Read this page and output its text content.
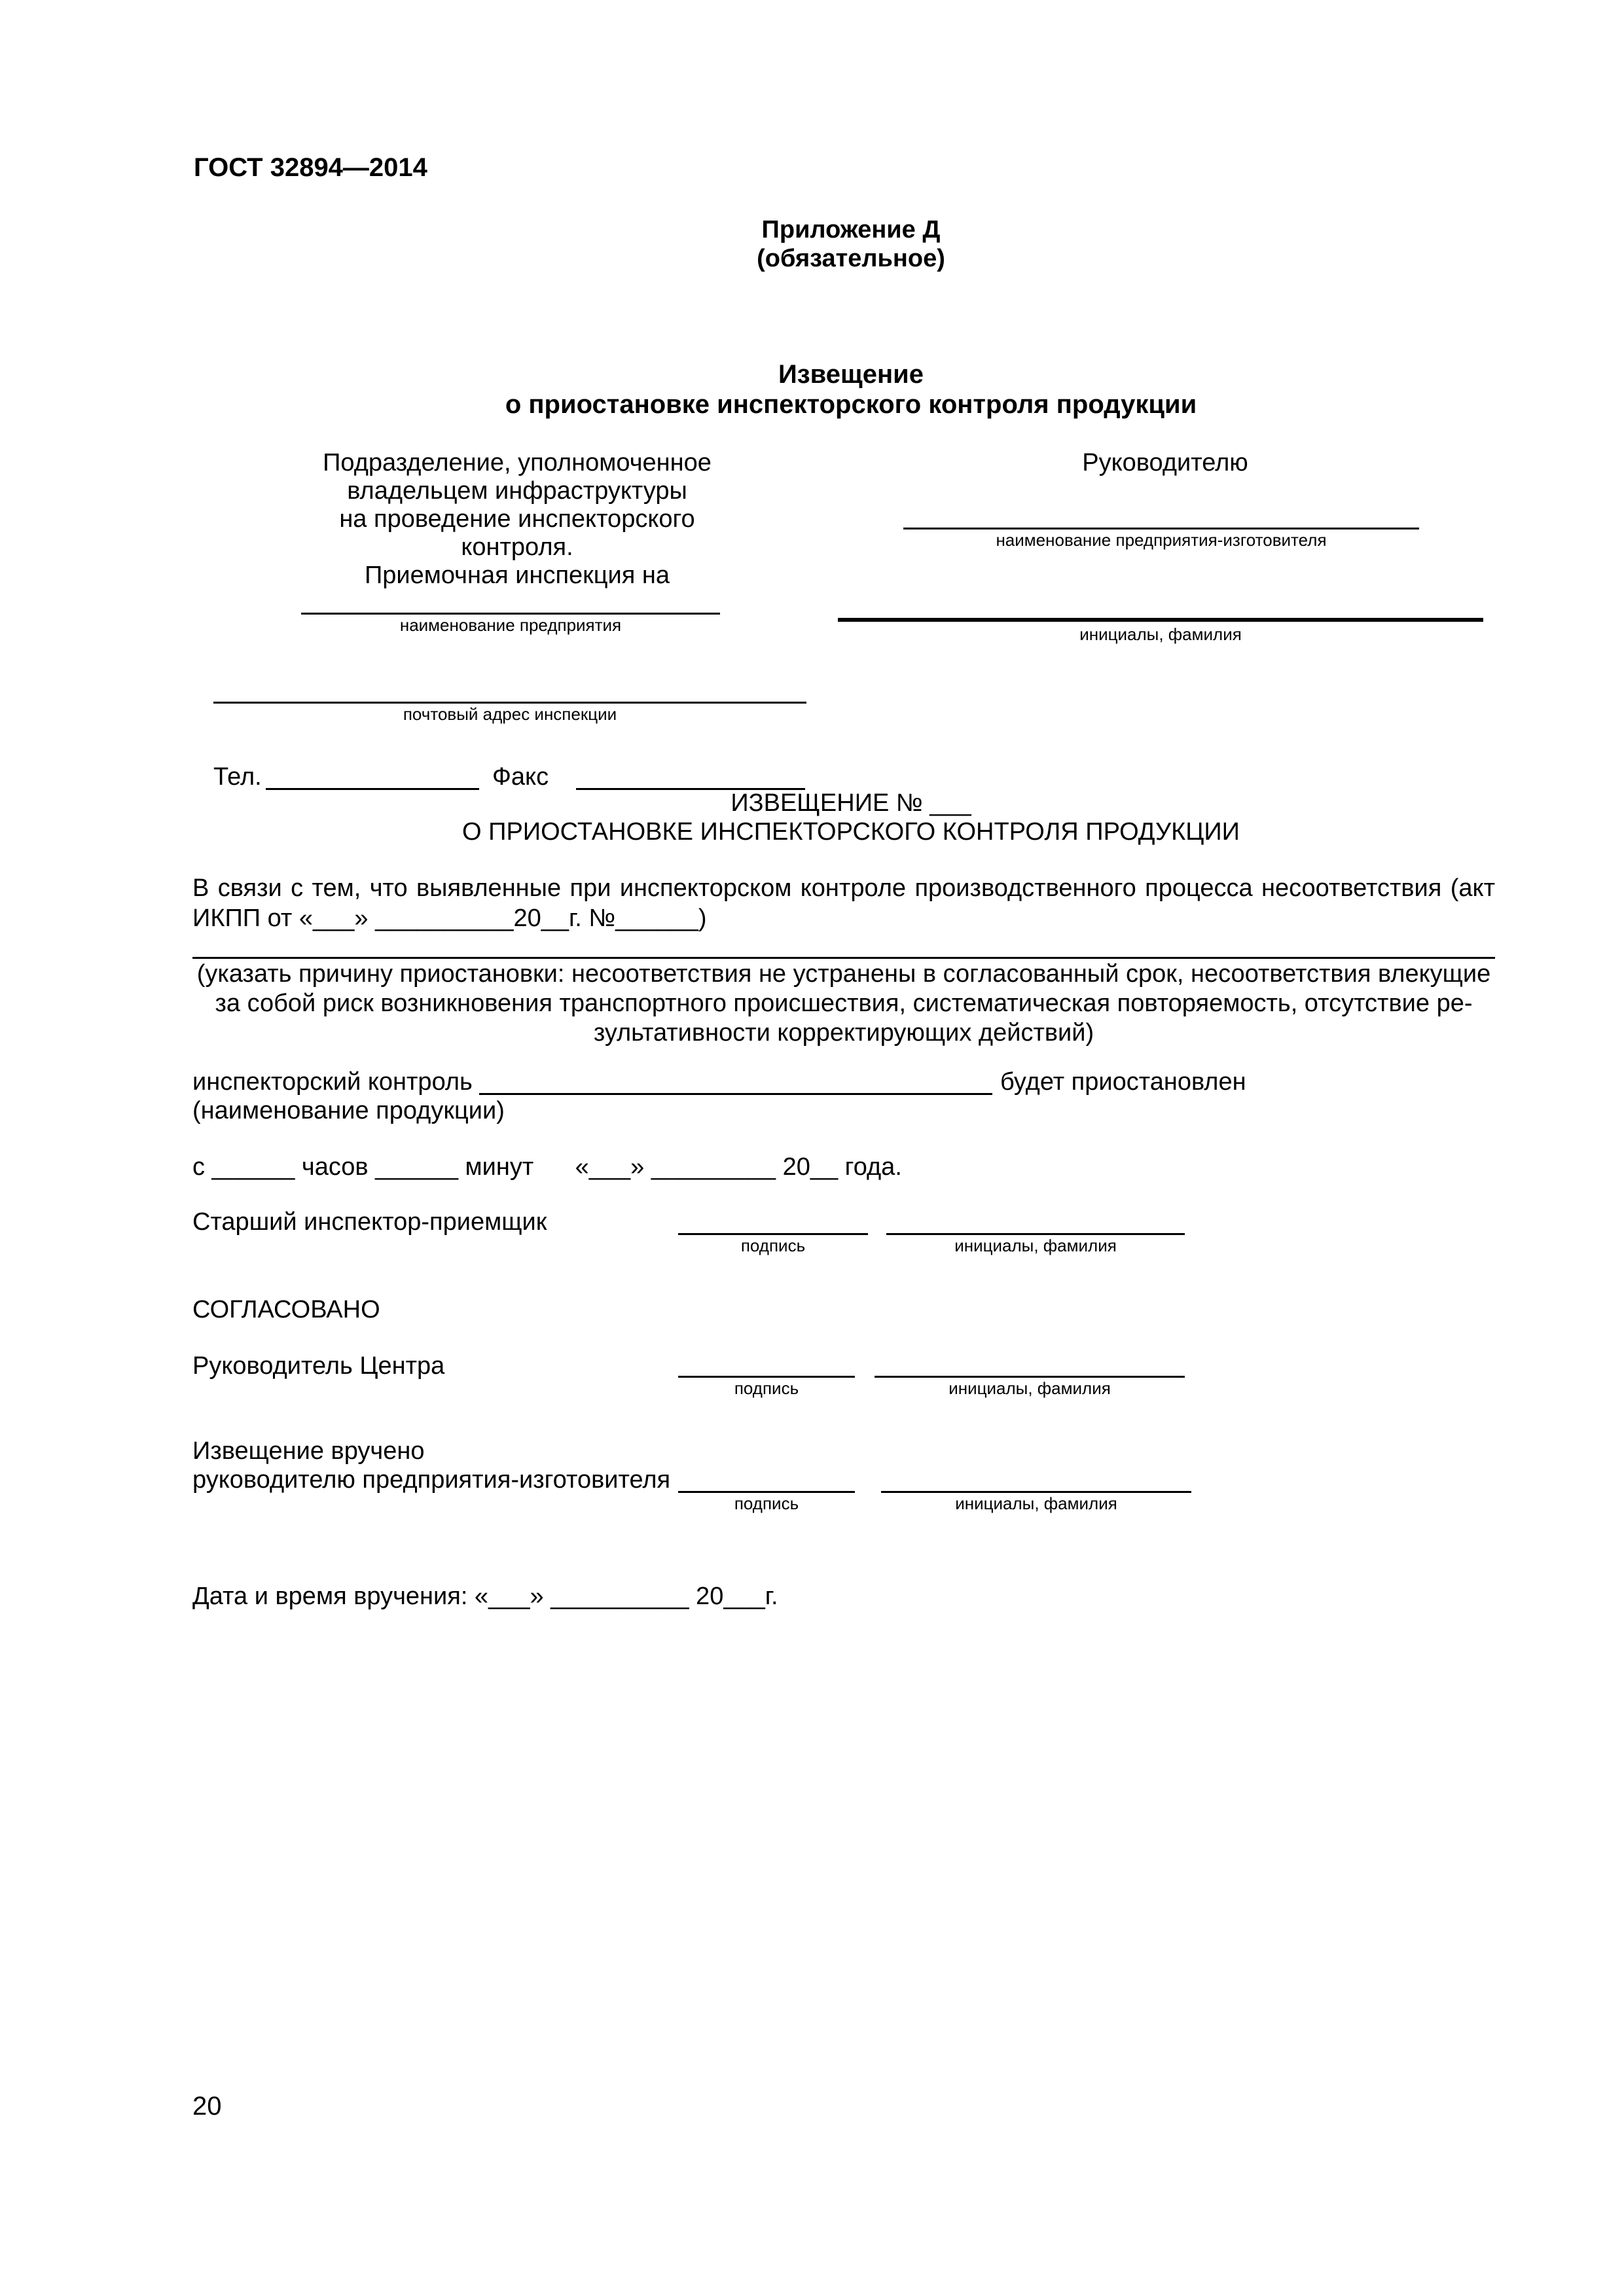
ГОСТ 32894—2014
Приложение Д
(обязательное)
Извещение
о приостановке инспекторского контроля продукции
Подразделение, уполномоченное
владельцем инфраструктуры
на проведение инспекторского
контроля.
Приемочная инспекция на
наименование предприятия
почтовый адрес инспекции
Руководителю
наименование предприятия-изготовителя
инициалы, фамилия
Тел.	Факс
ИЗВЕЩЕНИЕ № ___
О ПРИОСТАНОВКЕ ИНСПЕКТОРСКОГО КОНТРОЛЯ ПРОДУКЦИИ
В связи с тем, что выявленные при инспекторском контроле производственного процесса несоответствия (акт
ИКПП от «___» __________20__г. №______)
(указать причину приостановки: несоответствия не устранены в согласованный срок, несоответствия влекущие
за собой риск возникновения транспортного происшествия, систематическая повторяемость, отсутствие ре-
зультативности корректирующих действий)
инспекторский контроль	будет приостановлен
(наименование продукции)
с ______ часов ______ минут      «___» _________ 20__ года.
Старший инспектор-приемщик
подпись	инициалы, фамилия
СОГЛАСОВАНО
Руководитель Центра
подпись	инициалы, фамилия
Извещение вручено
руководителю предприятия-изготовителя
подпись	инициалы, фамилия
Дата и время вручения: «___» __________ 20___г.
20
